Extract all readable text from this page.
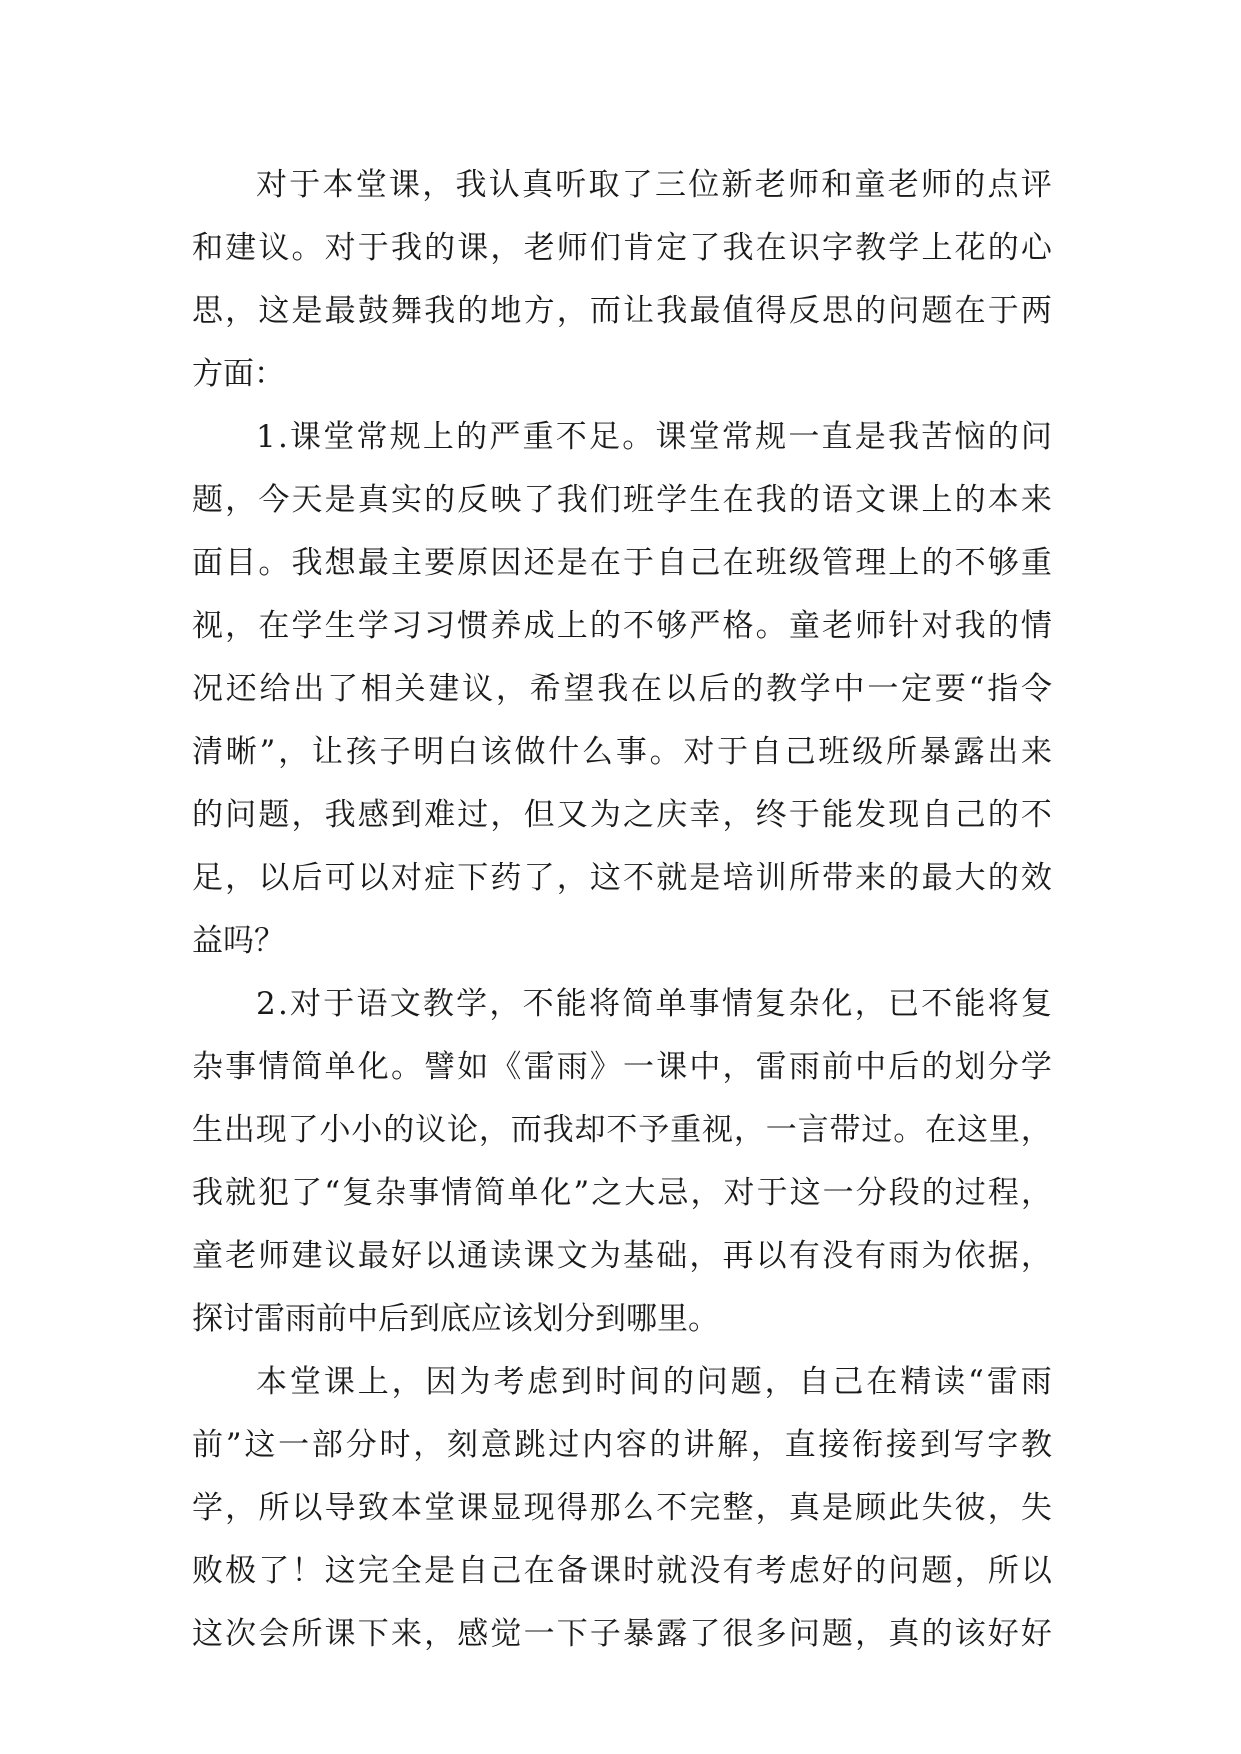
对 于 本 堂 课 ， 我 认 真 听 取 了 三 位 新 老 师 和 童 老 师 的 点 评
和 建 议 。 对 于 我 的 课 ， 老 师 们 肯 定 了 我 在 识 字 教 学 上 花 的 心
思 ， 这 是 最 鼓 舞 我 的 地 方 ， 而 让 我 最 值 得 反 思 的 问 题 在 于 两
方面：
1 . 课 堂 常 规 上 的 严 重 不 足 。 课 堂 常 规 一 直 是 我 苦 恼 的 问
题 ， 今 天 是 真 实 的 反 映 了 我 们 班 学 生 在 我 的 语 文 课 上 的 本 来
面 目 。 我 想 最 主 要 原 因 还 是 在 于 自 己 在 班 级 管 理 上 的 不 够 重
视 ， 在 学 生 学 习 习 惯 养 成 上 的 不 够 严 格 。 童 老 师 针 对 我 的 情
况 还 给 出 了 相 关 建 议 ， 希 望 我 在 以 后 的 教 学 中 一 定 要 “ 指 令
清 晰 ” ， 让 孩 子 明 白 该 做 什 么 事 。 对 于 自 己 班 级 所 暴 露 出 来
的 问 题 ， 我 感 到 难 过 ， 但 又 为 之 庆 幸 ， 终 于 能 发 现 自 己 的 不
足 ， 以 后 可 以 对 症 下 药 了 ， 这 不 就 是 培 训 所 带 来 的 最 大 的 效
益吗？
2 . 对 于 语 文 教 学 ， 不 能 将 简 单 事 情 复 杂 化 ， 已 不 能 将 复
杂 事 情 简 单 化 。 譬 如 《 雷 雨 》 一 课 中 ， 雷 雨 前 中 后 的 划 分 学
生 出 现 了 小 小 的 议 论 ， 而 我 却 不 予 重 视 ， 一 言 带 过 。 在 这 里 ，
我 就 犯 了 “ 复 杂 事 情 简 单 化 ” 之 大 忌 ， 对 于 这 一 分 段 的 过 程 ，
童 老 师 建 议 最 好 以 通 读 课 文 为 基 础 ， 再 以 有 没 有 雨 为 依 据 ，
探讨雷雨前中后到底应该划分到哪里。
本 堂 课 上 ， 因 为 考 虑 到 时 间 的 问 题 ， 自 己 在 精 读 “ 雷 雨
前 ” 这 一 部 分 时 ， 刻 意 跳 过 内 容 的 讲 解 ， 直 接 衔 接 到 写 字 教
学 ， 所 以 导 致 本 堂 课 显 现 得 那 么 不 完 整 ， 真 是 顾 此 失 彼 ， 失
败 极 了 ！ 这 完 全 是 自 己 在 备 课 时 就 没 有 考 虑 好 的 问 题 ， 所 以
这 次 会 所 课 下 来 ， 感 觉 一 下 子 暴 露 了 很 多 问 题 ， 真 的 该 好 好
